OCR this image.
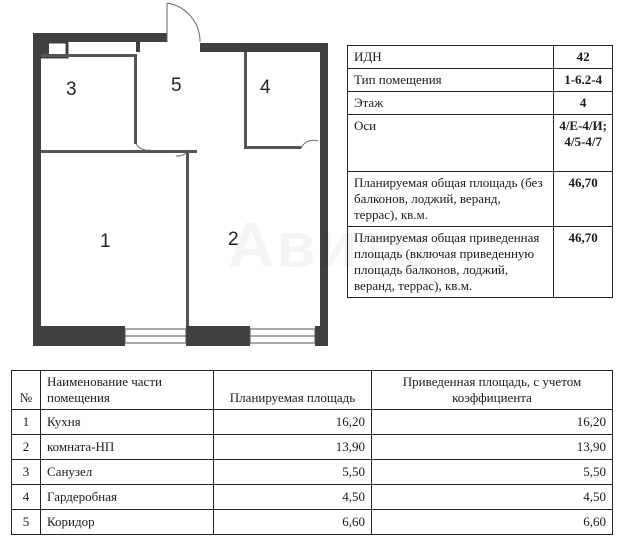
3	5	4
1	2
ИДН	42
Тип помещения	1-6.2-4
Этаж	4
Оси	4/Е-4/И; 4/5-4/7
Планируемая общая площадь (без балконов, лоджий, веранд, террас), кв.м.	46,70
Планируемая общая приведенная площадь (включая приведенную площадь балконов, лоджий, веранд, террас), кв.м.	46,70
№	Наименование части помещения	Планируемая площадь	Приведенная площадь, с учетом коэффициента
1	Кухня	16,20	16,20
2	комната-НП	13,90	13,90
3	Санузел	5,50	5,50
4	Гардеробная	4,50	4,50
5	Коридор	6,60	6,60
